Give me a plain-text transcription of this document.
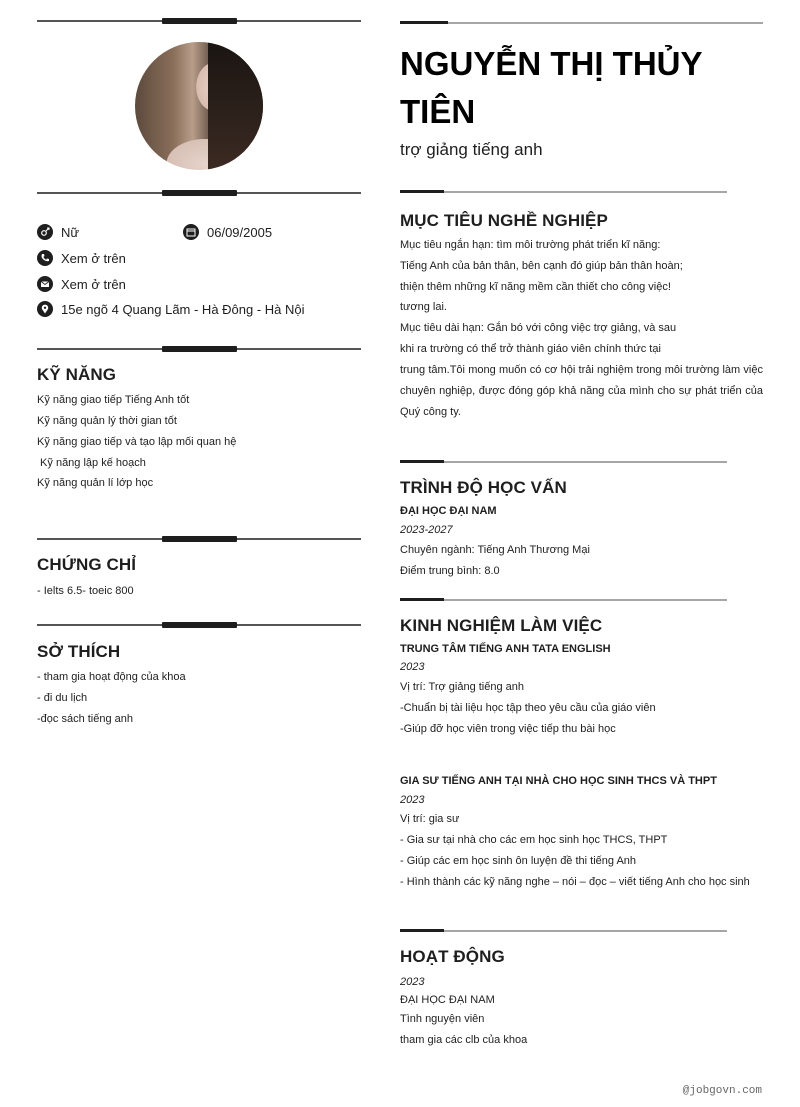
Nữ	06/09/2005
Xem ở trên
Xem ở trên
15e ngõ 4 Quang Lãm - Hà Đông - Hà Nội
KỸ NĂNG
Kỹ năng giao tiếp Tiếng Anh tốt
Kỹ năng quản lý thời gian tốt
Kỹ năng giao tiếp và tạo lập mối quan hệ
Kỹ năng lập kế hoạch
Kỹ năng quản lí lớp học
CHỨNG CHỈ
- Ielts 6.5- toeic 800
SỞ THÍCH
- tham gia hoạt động của khoa
- đi du lịch
-đọc sách tiếng anh
NGUYỄN THỊ THỦY TIÊN
trợ giảng tiếng anh
MỤC TIÊU NGHỀ NGHIỆP
Mục tiêu ngắn hạn: tìm môi trường phát triển kĩ năng:
Tiếng Anh của bản thân, bên cạnh đó giúp bản thân hoàn;
thiện thêm những kĩ năng mềm cần thiết cho công việc!
tương lai.
Mục tiêu dài hạn: Gắn bó với công việc trợ giảng, và sau
khi ra trường có thể trở thành giáo viên chính thức tại
trung tâm.Tôi mong muốn có cơ hội trải nghiệm trong môi trường làm việc chuyên nghiệp, được đóng góp khả năng của mình cho sự phát triển của Quý công ty.
TRÌNH ĐỘ HỌC VẤN
ĐẠI HỌC ĐẠI NAM
2023-2027
Chuyên ngành: Tiếng Anh Thương Mại
Điểm trung bình: 8.0
KINH NGHIỆM LÀM VIỆC
TRUNG TÂM TIẾNG ANH TATA ENGLISH
2023
Vị trí: Trợ giảng tiếng anh
-Chuẩn bị tài liệu học tập theo yêu cầu của giáo viên
-Giúp đỡ học viên trong việc tiếp thu bài học
GIA SƯ TIẾNG ANH TẠI NHÀ CHO HỌC SINH THCS VÀ THPT
2023
Vị trí: gia sư
- Gia sư tại nhà cho các em học sinh học THCS, THPT
- Giúp các em học sinh ôn luyện đề thi tiếng Anh
- Hình thành các kỹ năng nghe – nói – đọc – viết tiếng Anh cho học sinh
HOẠT ĐỘNG
2023
ĐẠI HỌC ĐẠI NAM
Tình nguyện viên
tham gia các clb của khoa
@jobgovn.com
